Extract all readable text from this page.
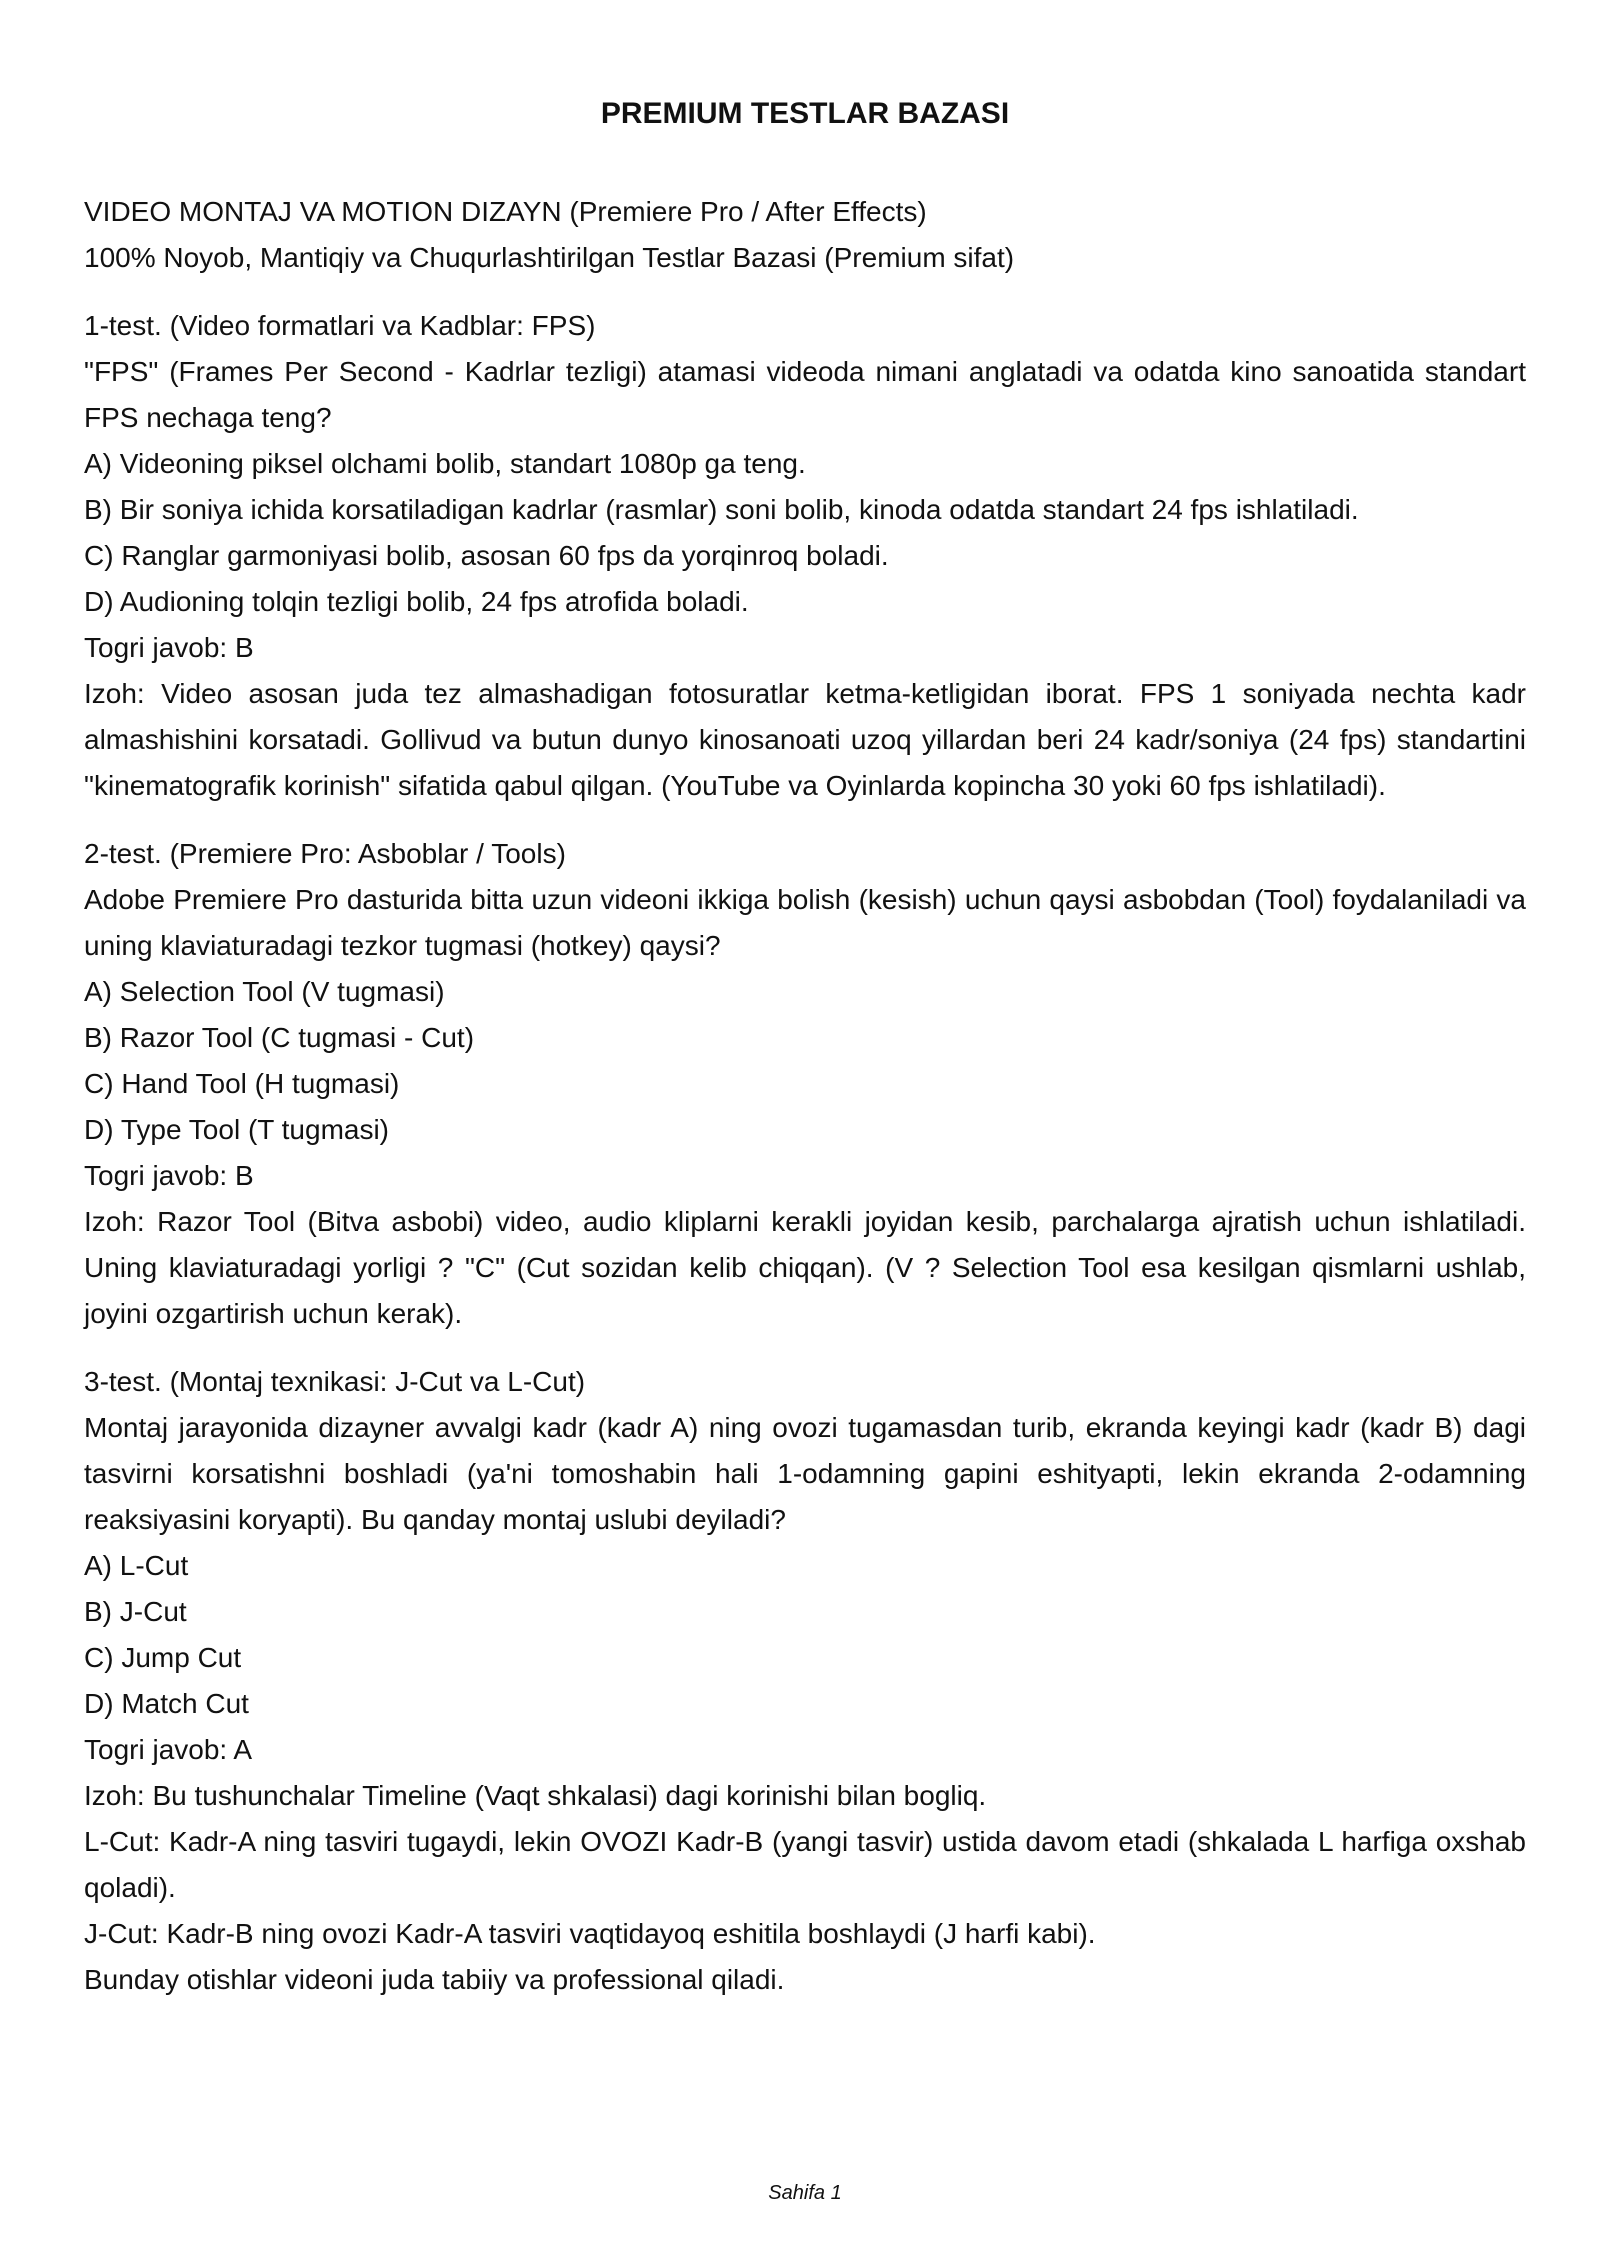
PREMIUM TESTLAR BAZASI

VIDEO MONTAJ VA MOTION DIZAYN (Premiere Pro / After Effects)

100% Noyob, Mantiqiy va Chuqurlashtirilgan Testlar Bazasi (Premium sifat)

1-test. (Video formatlari va Kadblar: FPS)

"FPS" (Frames Per Second - Kadrlar tezligi) atamasi videoda nimani anglatadi va odatda kino sanoatida standart FPS nechaga teng?

A) Videoning piksel olchami bolib, standart 1080p ga teng.

B) Bir soniya ichida korsatiladigan kadrlar (rasmlar) soni bolib, kinoda odatda standart 24 fps ishlatiladi.

C) Ranglar garmoniyasi bolib, asosan 60 fps da yorqinroq boladi.

D) Audioning tolqin tezligi bolib, 24 fps atrofida boladi.

Togri javob: B

Izoh: Video asosan juda tez almashadigan fotosuratlar ketma-ketligidan iborat. FPS 1 soniyada nechta kadr almashishini korsatadi. Gollivud va butun dunyo kinosanoati uzoq yillardan beri 24 kadr/soniya (24 fps) standartini "kinematografik korinish" sifatida qabul qilgan. (YouTube va Oyinlarda kopincha 30 yoki 60 fps ishlatiladi).

2-test. (Premiere Pro: Asboblar / Tools)

Adobe Premiere Pro dasturida bitta uzun videoni ikkiga bolish (kesish) uchun qaysi asbobdan (Tool) foydalaniladi va uning klaviaturadagi tezkor tugmasi (hotkey) qaysi?

A) Selection Tool (V tugmasi)

B) Razor Tool (C tugmasi - Cut)

C) Hand Tool (H tugmasi)

D) Type Tool (T tugmasi)

Togri javob: B

Izoh: Razor Tool (Bitva asbobi) video, audio kliplarni kerakli joyidan kesib, parchalarga ajratish uchun ishlatiladi. Uning klaviaturadagi yorligi ? "C" (Cut sozidan kelib chiqqan). (V ? Selection Tool esa kesilgan qismlarni ushlab, joyini ozgartirish uchun kerak).

3-test. (Montaj texnikasi: J-Cut va L-Cut)

Montaj jarayonida dizayner avvalgi kadr (kadr A) ning ovozi tugamasdan turib, ekranda keyingi kadr (kadr B) dagi tasvirni korsatishni boshladi (ya'ni tomoshabin hali 1-odamning gapini eshityapti, lekin ekranda 2-odamning reaksiyasini koryapti). Bu qanday montaj uslubi deyiladi?

A) L-Cut

B) J-Cut

C) Jump Cut

D) Match Cut

Togri javob: A

Izoh: Bu tushunchalar Timeline (Vaqt shkalasi) dagi korinishi bilan bogliq.

L-Cut: Kadr-A ning tasviri tugaydi, lekin OVOZI Kadr-B (yangi tasvir) ustida davom etadi (shkalada L harfiga oxshab qoladi).

J-Cut: Kadr-B ning ovozi Kadr-A tasviri vaqtidayoq eshitila boshlaydi (J harfi kabi).

Bunday otishlar videoni juda tabiiy va professional qiladi.

Sahifa 1
